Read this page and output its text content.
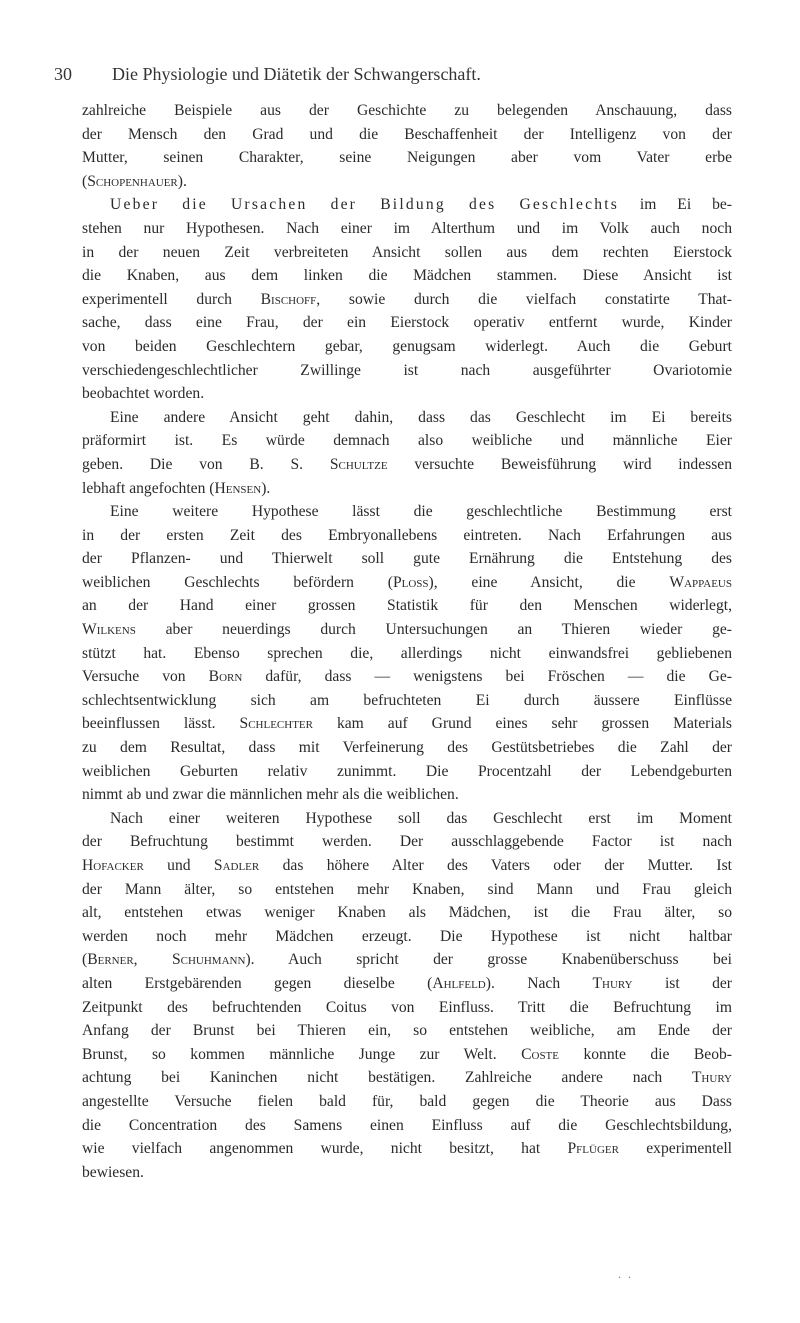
30 Die Physiologie und Diätetik der Schwangerschaft.
zahlreiche Beispiele aus der Geschichte zu belegenden Anschauung, dass
der Mensch den Grad und die Beschaffenheit der Intelligenz von der
Mutter, seinen Charakter, seine Neigungen aber vom Vater erbe
(Schopenhauer).
Ueber die Ursachen der Bildung des Geschlechts im Ei be-
stehen nur Hypothesen. Nach einer im Alterthum und im Volk auch noch
in der neuen Zeit verbreiteten Ansicht sollen aus dem rechten Eierstock
die Knaben, aus dem linken die Mädchen stammen. Diese Ansicht ist
experimentell durch Bischoff, sowie durch die vielfach constatirte That-
sache, dass eine Frau, der ein Eierstock operativ entfernt wurde, Kinder
von beiden Geschlechtern gebar, genugsam widerlegt. Auch die Geburt
verschiedengeschlechtlicher Zwillinge ist nach ausgeführter Ovariotomie
beobachtet worden.
Eine andere Ansicht geht dahin, dass das Geschlecht im Ei bereits
präformirt ist. Es würde demnach also weibliche und männliche Eier
geben. Die von B. S. Schultze versuchte Beweisführung wird indessen
lebhaft angefochten (Hensen).
Eine weitere Hypothese lässt die geschlechtliche Bestimmung erst
in der ersten Zeit des Embryonallebens eintreten. Nach Erfahrungen aus
der Pflanzen- und Thierwelt soll gute Ernährung die Entstehung des
weiblichen Geschlechts befördern (Ploss), eine Ansicht, die Wappaeus
an der Hand einer grossen Statistik für den Menschen widerlegt,
Wilkens aber neuerdings durch Untersuchungen an Thieren wieder ge-
stützt hat. Ebenso sprechen die, allerdings nicht einwandsfrei gebliebenen
Versuche von Born dafür, dass — wenigstens bei Fröschen — die Ge-
schlechtsentwicklung sich am befruchteten Ei durch äussere Einflüsse
beeinflussen lässt. Schlechter kam auf Grund eines sehr grossen Materials
zu dem Resultat, dass mit Verfeinerung des Gestütsbetriebes die Zahl der
weiblichen Geburten relativ zunimmt. Die Procentzahl der Lebendgeburten
nimmt ab und zwar die männlichen mehr als die weiblichen.
Nach einer weiteren Hypothese soll das Geschlecht erst im Moment
der Befruchtung bestimmt werden. Der ausschlaggebende Factor ist nach
Hofacker und Sadler das höhere Alter des Vaters oder der Mutter. Ist
der Mann älter, so entstehen mehr Knaben, sind Mann und Frau gleich
alt, entstehen etwas weniger Knaben als Mädchen, ist die Frau älter, so
werden noch mehr Mädchen erzeugt. Die Hypothese ist nicht haltbar
(Berner, Schuhmann). Auch spricht der grosse Knabenüberschuss bei
alten Erstgebärenden gegen dieselbe (Ahlfeld). Nach Thury ist der
Zeitpunkt des befruchtenden Coitus von Einfluss. Tritt die Befruchtung im
Anfang der Brunst bei Thieren ein, so entstehen weibliche, am Ende der
Brunst, so kommen männliche Junge zur Welt. Coste konnte die Beob-
achtung bei Kaninchen nicht bestätigen. Zahlreiche andere nach Thury
angestellte Versuche fielen bald für, bald gegen die Theorie aus Dass
die Concentration des Samens einen Einfluss auf die Geschlechtsbildung,
wie vielfach angenommen wurde, nicht besitzt, hat Pflüger experimentell
bewiesen.
. .
